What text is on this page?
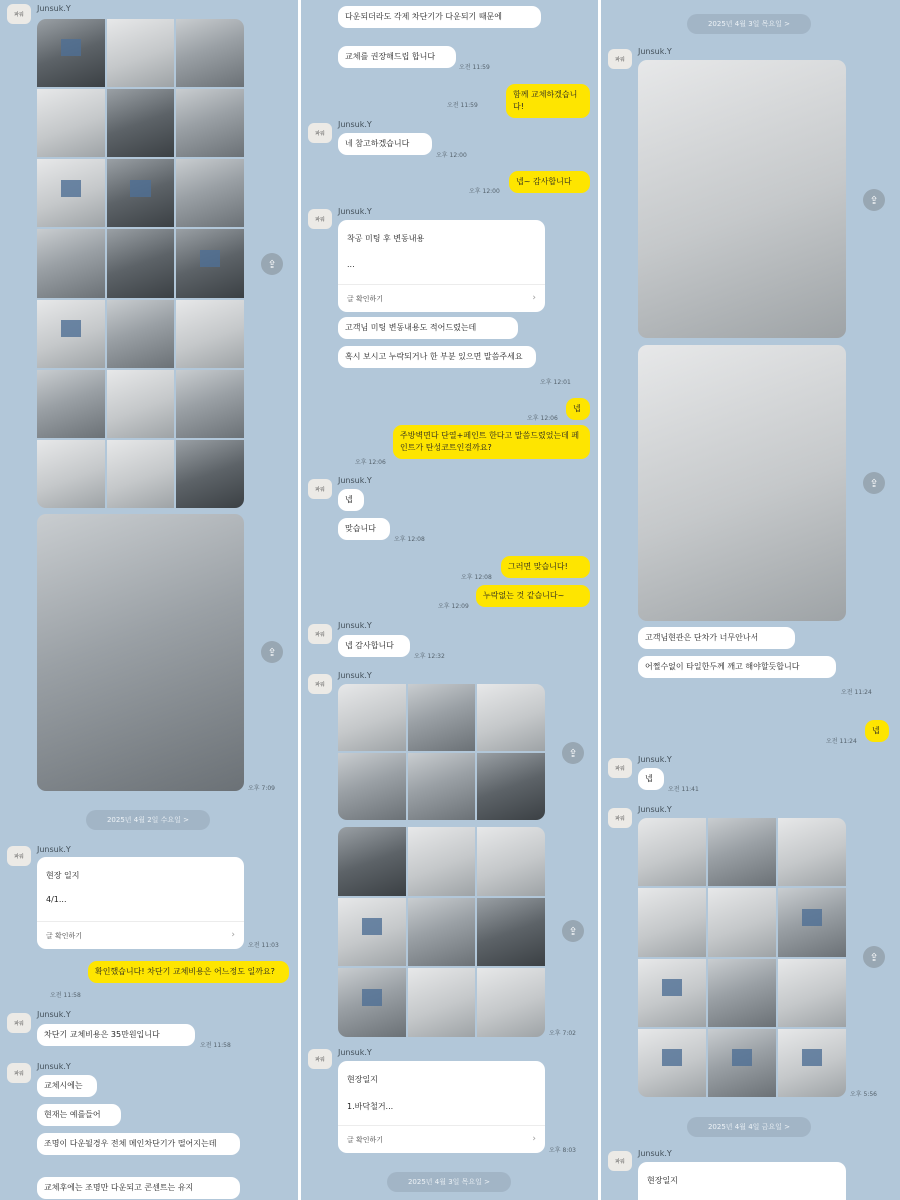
파워
Junsuk.Y
⇪
⇪
오후 7:09
2025년 4월 2일 수요일 >
파워
Junsuk.Y
현장 일지
4/1...
글 확인하기	›
오전 11:03
확인했습니다! 차단기 교체비용은 어느정도 일까요?
오전 11:58
파워
Junsuk.Y
차단기 교체비용은 35만원입니다
오전 11:58
파워
Junsuk.Y
교체시에는
현재는 예를들어
조명이 다운될경우 전체 메인차단기가 떨어지는데
교체후에는 조명만 다운되고 콘센트는 유지
다운되더라도 각제 차단기가 다운되기 때문에
교체를 권장해드립 합니다
오전 11:59
함께 교체하겠습니다!
오전 11:59
파워
Junsuk.Y
네 참고하겠습니다
오후 12:00
넵~ 감사합니다
오후 12:00
파워
Junsuk.Y
착공 미팅 후 변동내용
...
글 확인하기	›
고객님 미팅 변동내용도 적어드렸는데
혹시 보시고 누락되거나 한 부분 있으면 말씀주세요
오후 12:01
넵
오후 12:06
주방벽면다 단열+페인트 한다고 말씀드렸었는데 페인트가 탄성코트인걸까요?
오후 12:06
파워
Junsuk.Y
넵
맞습니다
오후 12:08
그러면 맞습니다!
오후 12:08
누락없는 것 같습니다~
오후 12:09
파워
Junsuk.Y
넵 감사합니다
오후 12:32
파워
Junsuk.Y
⇪
⇪
오후 7:02
파워
Junsuk.Y
현장일지
1.바닥철거...
글 확인하기	›
오후 8:03
2025년 4월 3일 목요일 >
2025년 4월 3일 목요일 >
파워
Junsuk.Y
⇪
⇪
고객님현관은 단차가 너무안나서
어쩔수없이 타일한두께 깨고 해야할듯합니다
오전 11:24
넵
오전 11:24
파워
Junsuk.Y
넵
오전 11:41
파워
Junsuk.Y
⇪
오후 5:56
2025년 4월 4일 금요일 >
파워
Junsuk.Y
현장일지
